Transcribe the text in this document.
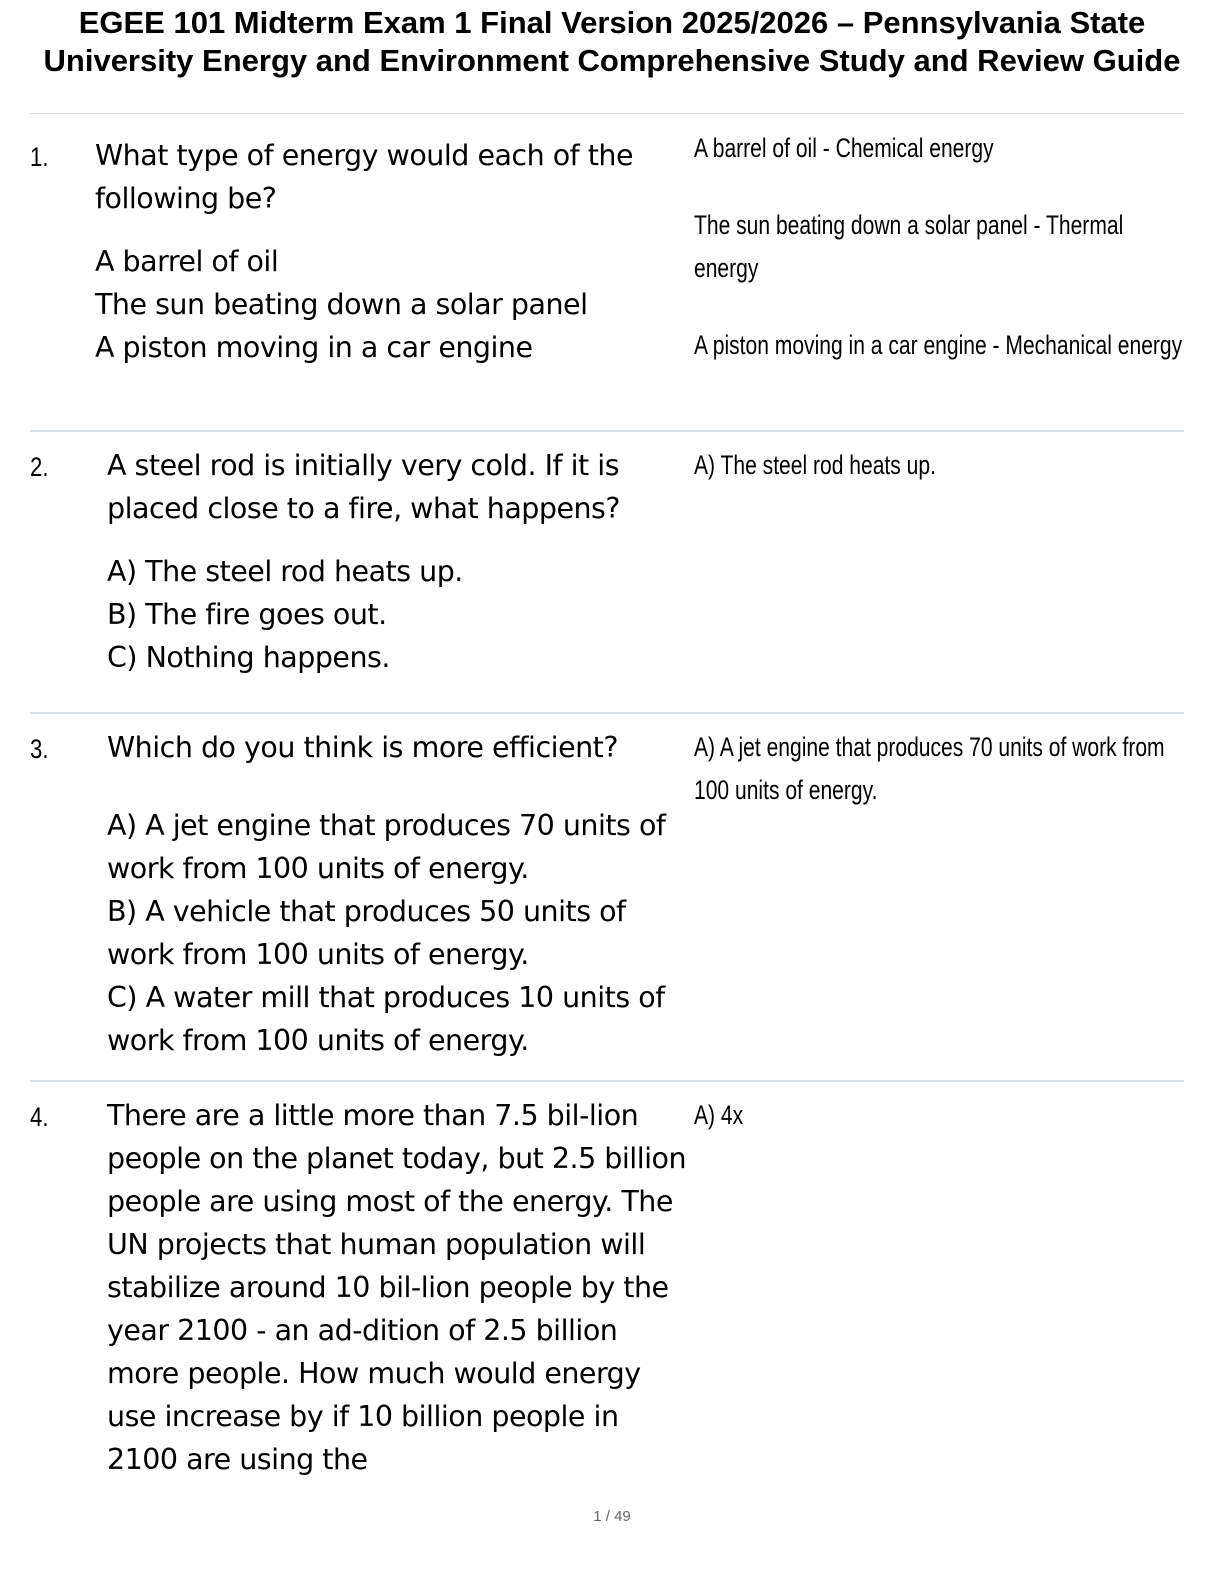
EGEE 101 Midterm Exam 1 Final Version 2025/2026 – Pennsylvania State University Energy and Environment Comprehensive Study and Review Guide
1. What type of energy would each of the following be?

A barrel of oil

The sun beating down a solar panel

A piston moving in a car engine

A barrel of oil - Chemical energy

The sun beating down a solar panel - Thermal energy

A piston moving in a car engine - Mechanical energy

2. A steel rod is initially very cold. If it is placed close to a fire, what happens?

A) The steel rod heats up.

B) The fire goes out.

C) Nothing happens.

A) The steel rod heats up.

3. Which do you think is more efficient?

A) A jet engine that produces 70 units of work from 100 units of energy.

B) A vehicle that produces 50 units of work from 100 units of energy.

C) A water mill that produces 10 units of work from 100 units of energy.

A) A jet engine that produces 70 units of work from 100 units of energy.

4. There are a little more than 7.5 bil-lion people on the planet today, but 2.5 billion people are using most of the energy. The UN projects that human population will stabilize around 10 bil-lion people by the year 2100 - an ad-dition of 2.5 billion more people. How much would energy use increase by if 10 billion people in 2100 are using the

A) 4x

1 / 49
